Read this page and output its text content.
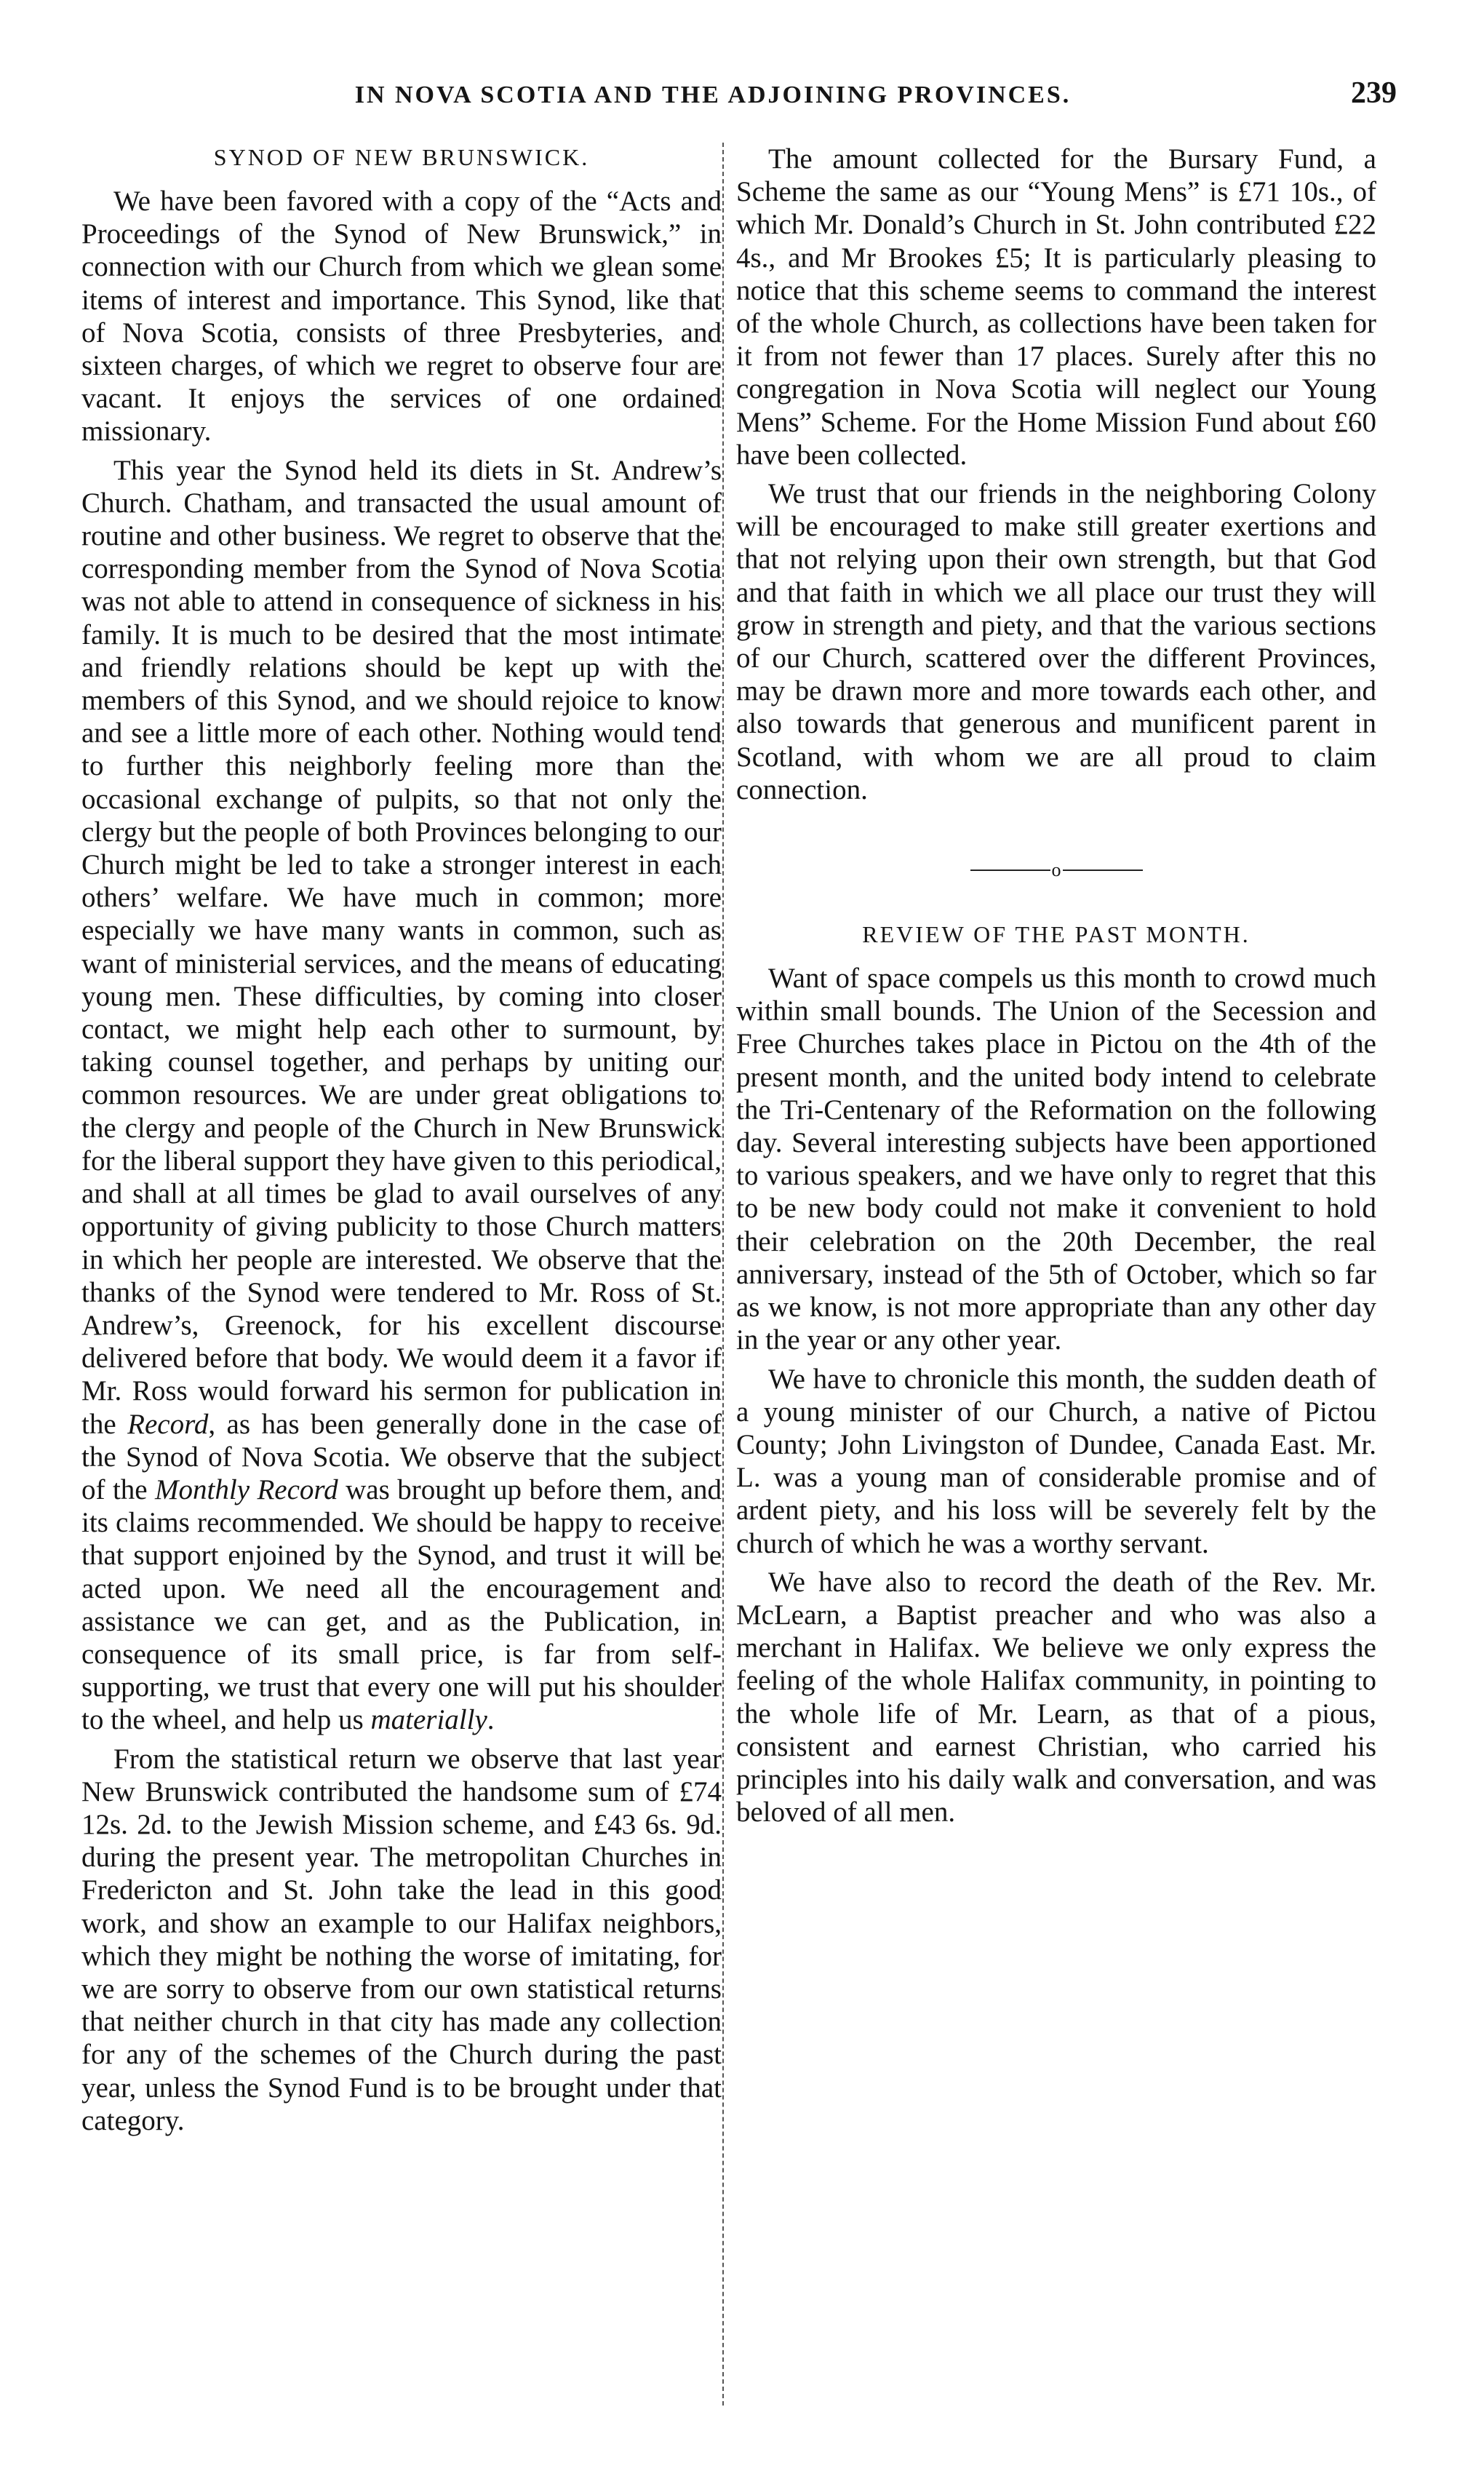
IN NOVA SCOTIA AND THE ADJOINING PROVINCES.	239
SYNOD OF NEW BRUNSWICK.

We have been favored with a copy of the “Acts and Proceedings of the Synod of New Brunswick,” in connection with our Church from which we glean some items of interest and importance. This Synod, like that of Nova Scotia, consists of three Presbyteries, and sixteen charges, of which we regret to observe four are vacant. It enjoys the services of one ordained missionary.

This year the Synod held its diets in St. Andrew’s Church. Chatham, and transacted the usual amount of routine and other business. We regret to observe that the corresponding member from the Synod of Nova Scotia was not able to attend in consequence of sickness in his family. It is much to be desired that the most intimate and friendly relations should be kept up with the members of this Synod, and we should rejoice to know and see a little more of each other. Nothing would tend to further this neighborly feeling more than the occasional exchange of pulpits, so that not only the clergy but the people of both Provinces belonging to our Church might be led to take a stronger interest in each others’ welfare. We have much in common; more especially we have many wants in common, such as want of ministerial services, and the means of educating young men. These difficulties, by coming into closer contact, we might help each other to surmount, by taking counsel together, and perhaps by uniting our common resources. We are under great obligations to the clergy and people of the Church in New Brunswick for the liberal support they have given to this periodical, and shall at all times be glad to avail ourselves of any opportunity of giving publicity to those Church matters in which her people are interested. We observe that the thanks of the Synod were tendered to Mr. Ross of St. Andrew’s, Greenock, for his excellent discourse delivered before that body. We would deem it a favor if Mr. Ross would forward his sermon for publication in the Record, as has been generally done in the case of the Synod of Nova Scotia. We observe that the subject of the Monthly Record was brought up before them, and its claims recommended. We should be happy to receive that support enjoined by the Synod, and trust it will be acted upon. We need all the encouragement and assistance we can get, and as the Publication, in consequence of its small price, is far from self-supporting, we trust that every one will put his shoulder to the wheel, and help us materially.

From the statistical return we observe that last year New Brunswick contributed the handsome sum of £74 12s. 2d. to the Jewish Mission scheme, and £43 6s. 9d. during the present year. The metropolitan Churches in Fredericton and St. John take the lead in this good work, and show an example to our Halifax neighbors, which they might be nothing the worse of imitating, for we are sorry to observe from our own statistical returns that neither church in that city has made any collection for any of the schemes of the Church during the past year, unless the Synod Fund is to be brought under that category.

The amount collected for the Bursary Fund, a Scheme the same as our “Young Mens” is £71 10s., of which Mr. Donald’s Church in St. John contributed £22 4s., and Mr Brookes £5; It is particularly pleasing to notice that this scheme seems to command the interest of the whole Church, as collections have been taken for it from not fewer than 17 places. Surely after this no congregation in Nova Scotia will neglect our Young Mens” Scheme. For the Home Mission Fund about £60 have been collected.

We trust that our friends in the neighboring Colony will be encouraged to make still greater exertions and that not relying upon their own strength, but that God and that faith in which we all place our trust they will grow in strength and piety, and that the various sections of our Church, scattered over the different Provinces, may be drawn more and more towards each other, and also towards that generous and munificent parent in Scotland, with whom we are all proud to claim connection.

o
REVIEW OF THE PAST MONTH.

Want of space compels us this month to crowd much within small bounds. The Union of the Secession and Free Churches takes place in Pictou on the 4th of the present month, and the united body intend to celebrate the Tri-Centenary of the Reformation on the following day. Several interesting subjects have been apportioned to various speakers, and we have only to regret that this to be new body could not make it convenient to hold their celebration on the 20th December, the real anniversary, instead of the 5th of October, which so far as we know, is not more appropriate than any other day in the year or any other year.

We have to chronicle this month, the sudden death of a young minister of our Church, a native of Pictou County; John Livingston of Dundee, Canada East. Mr. L. was a young man of considerable promise and of ardent piety, and his loss will be severely felt by the church of which he was a worthy servant.

We have also to record the death of the Rev. Mr. McLearn, a Baptist preacher and who was also a merchant in Halifax. We believe we only express the feeling of the whole Halifax community, in pointing to the whole life of Mr. Learn, as that of a pious, consistent and earnest Christian, who carried his principles into his daily walk and conversation, and was beloved of all men.
